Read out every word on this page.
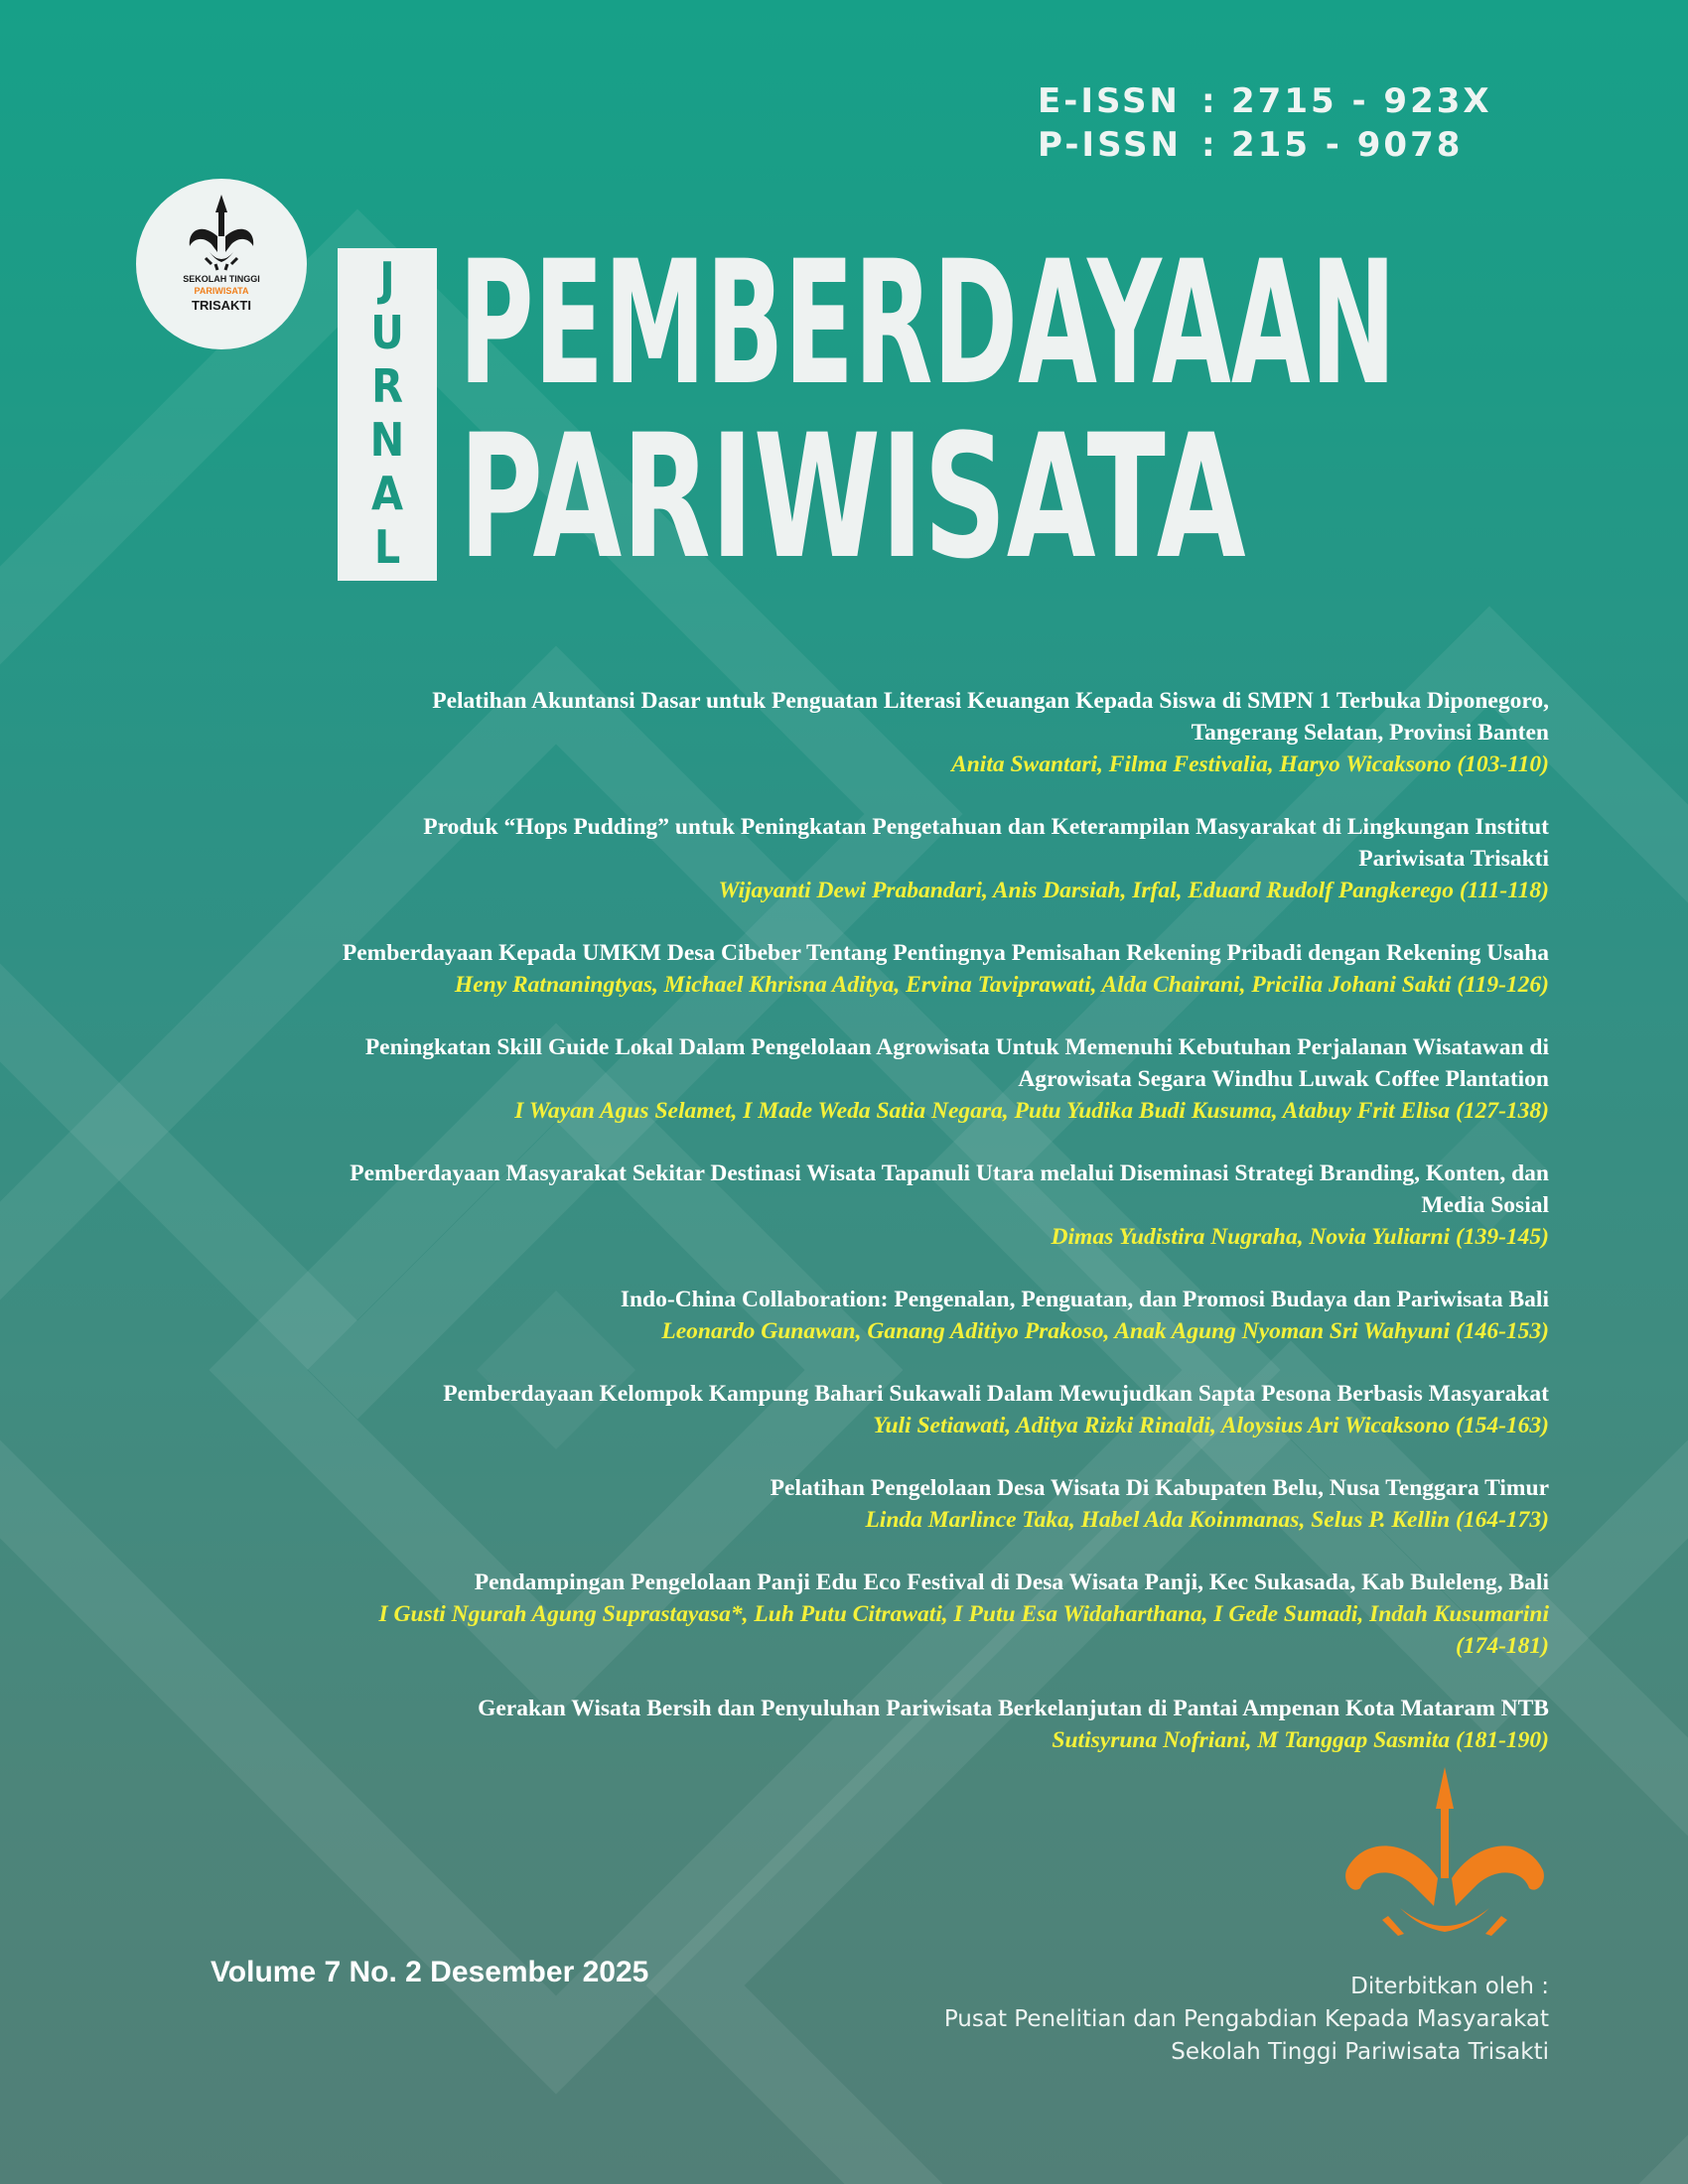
E-ISSN : 2715 - 923X
P-ISSN : 215 - 9078
SEKOLAH TINGGI
PARIWISATA
TRISAKTI	J
U
R
N
A
L
PEMBERDAYAAN
PARIWISATA
Pelatihan Akuntansi Dasar untuk Penguatan Literasi Keuangan Kepada Siswa di SMPN 1 Terbuka Diponegoro,
Tangerang Selatan, Provinsi Banten
Anita Swantari, Filma Festivalia, Haryo Wicaksono (103-110)
Produk “Hops Pudding” untuk Peningkatan Pengetahuan dan Keterampilan Masyarakat di Lingkungan Institut
Pariwisata Trisakti
Wijayanti Dewi Prabandari, Anis Darsiah, Irfal, Eduard Rudolf Pangkerego (111-118)
Pemberdayaan Kepada UMKM Desa Cibeber Tentang Pentingnya Pemisahan Rekening Pribadi dengan Rekening Usaha
Heny Ratnaningtyas, Michael Khrisna Aditya, Ervina Taviprawati, Alda Chairani, Pricilia Johani Sakti (119-126)
Peningkatan Skill Guide Lokal Dalam Pengelolaan Agrowisata Untuk Memenuhi Kebutuhan Perjalanan Wisatawan di
Agrowisata Segara Windhu Luwak Coffee Plantation
I Wayan Agus Selamet, I Made Weda Satia Negara, Putu Yudika Budi Kusuma, Atabuy Frit Elisa (127-138)
Pemberdayaan Masyarakat Sekitar Destinasi Wisata Tapanuli Utara melalui Diseminasi Strategi Branding, Konten, dan
Media Sosial
Dimas Yudistira Nugraha, Novia Yuliarni (139-145)
Indo-China Collaboration: Pengenalan, Penguatan, dan Promosi Budaya dan Pariwisata Bali
Leonardo Gunawan, Ganang Aditiyo Prakoso, Anak Agung Nyoman Sri Wahyuni (146-153)
Pemberdayaan Kelompok Kampung Bahari Sukawali Dalam Mewujudkan Sapta Pesona Berbasis Masyarakat
Yuli Setiawati, Aditya Rizki Rinaldi, Aloysius Ari Wicaksono (154-163)
Pelatihan Pengelolaan Desa Wisata Di Kabupaten Belu, Nusa Tenggara Timur
Linda Marlince Taka, Habel Ada Koinmanas, Selus P. Kellin (164-173)
Pendampingan Pengelolaan Panji Edu Eco Festival di Desa Wisata Panji, Kec Sukasada, Kab Buleleng, Bali
I Gusti Ngurah Agung Suprastayasa*, Luh Putu Citrawati, I Putu Esa Widaharthana, I Gede Sumadi, Indah Kusumarini
(174-181)
Gerakan Wisata Bersih dan Penyuluhan Pariwisata Berkelanjutan di Pantai Ampenan Kota Mataram NTB
Sutisyruna Nofriani, M Tanggap Sasmita (181-190)
Volume 7 No. 2 Desember 2025	Diterbitkan oleh :
Pusat Penelitian dan Pengabdian Kepada Masyarakat
Sekolah Tinggi Pariwisata Trisakti
